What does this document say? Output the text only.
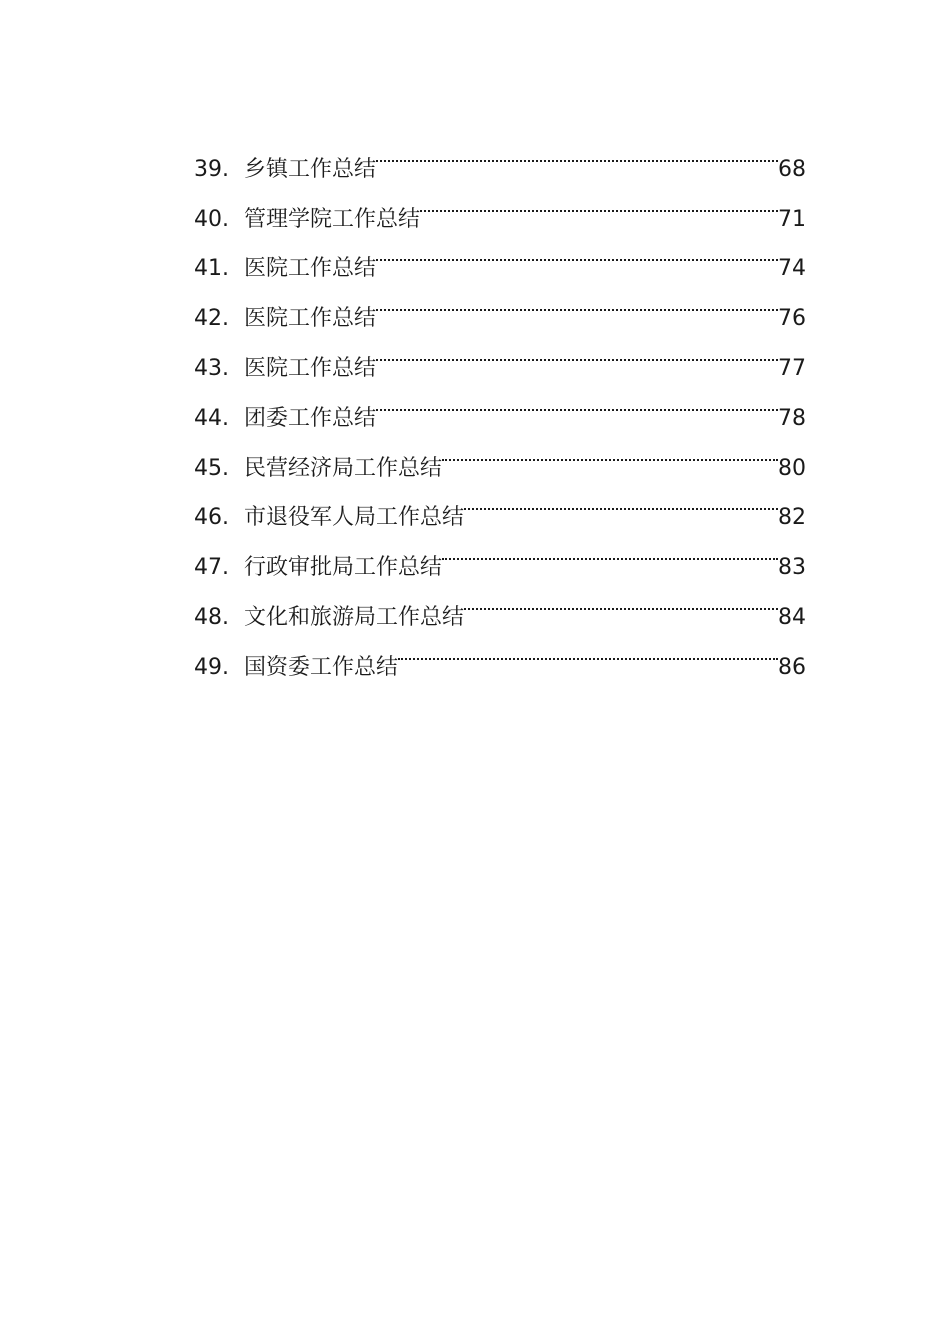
39. 乡镇工作总结	68
40. 管理学院工作总结	71
41. 医院工作总结	74
42. 医院工作总结	76
43. 医院工作总结	77
44. 团委工作总结	78
45. 民营经济局工作总结	80
46. 市退役军人局工作总结	82
47. 行政审批局工作总结	83
48. 文化和旅游局工作总结	84
49. 国资委工作总结	86
